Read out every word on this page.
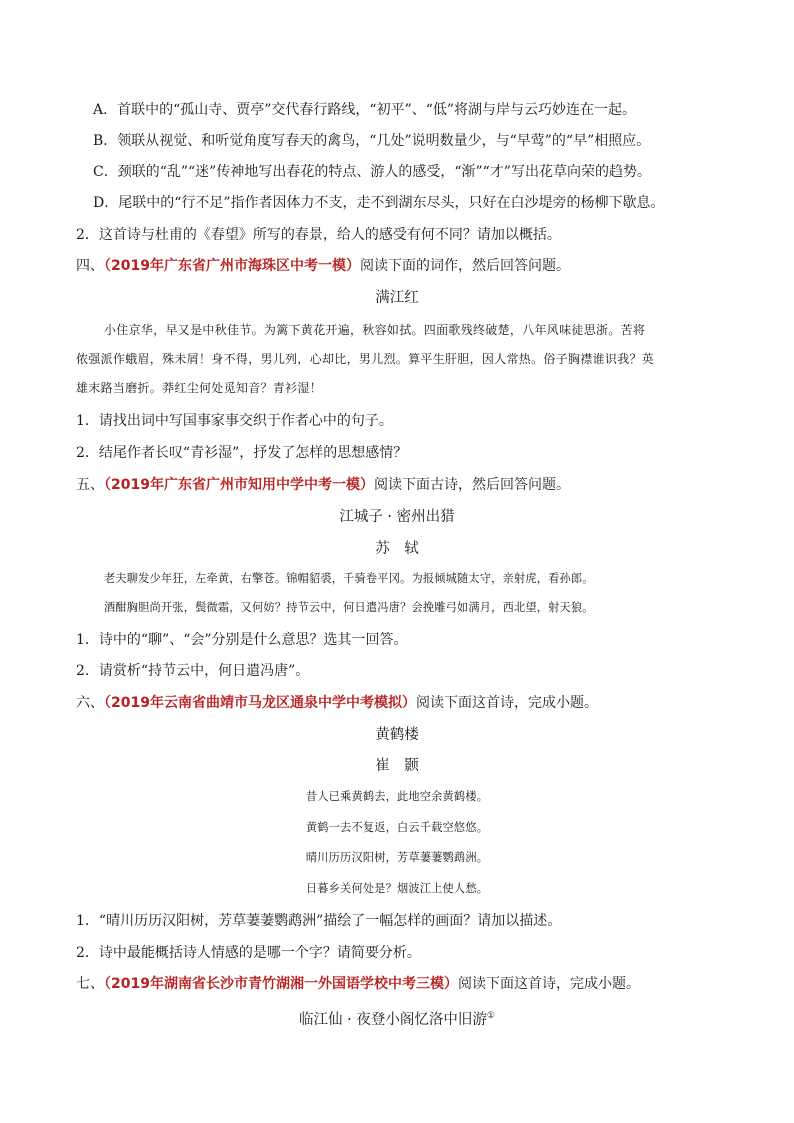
A．首联中的“孤山寺、贾亭”交代春行路线，“初平”、“低”将湖与岸与云巧妙连在一起。
B．领联从视觉、和听觉角度写春天的禽鸟，“几处”说明数量少，与“早莺”的“早”相照应。
C．颈联的“乱”“迷”传神地写出春花的特点、游人的感受，“渐”“才”写出花草向荣的趋势。
D．尾联中的“行不足”指作者因体力不支，走不到湖东尽头，只好在白沙堤旁的杨柳下歇息。
2．这首诗与杜甫的《春望》所写的春景，给人的感受有何不同？请加以概括。
四、（2019年广东省广州市海珠区中考一模）阅读下面的词作，然后回答问题。
满江红
小住京华，早又是中秋佳节。为篱下黄花开遍，秋容如拭。四面歌残终破楚，八年风味徒思浙。苦将
侬强派作蛾眉，殊未屑！身不得，男儿列，心却比，男儿烈。算平生肝胆，因人常热。俗子胸襟谁识我？英
雄末路当磨折。莽红尘何处觅知音？青衫湿！
1．请找出词中写国事家事交织于作者心中的句子。
2．结尾作者长叹“青衫湿”，抒发了怎样的思想感情？
五、（2019年广东省广州市知用中学中考一模）阅读下面古诗，然后回答问题。
江城子 · 密州出猎
苏　轼
老夫聊发少年狂，左牵黄，右擎苍。锦帽貂裘，千骑卷平冈。为报倾城随太守，亲射虎，看孙郎。
酒酣胸胆尚开张，鬓微霜，又何妨？持节云中，何日遣冯唐？会挽雕弓如满月，西北望，射天狼。
1．诗中的“聊”、“会”分别是什么意思？选其一回答。
2．请赏析“持节云中，何日遣冯唐”。
六、（2019年云南省曲靖市马龙区通泉中学中考模拟）阅读下面这首诗，完成小题。
黄鹤楼
崔　颢
昔人已乘黄鹤去，此地空余黄鹤楼。
黄鹤一去不复返，白云千载空悠悠。
晴川历历汉阳树，芳草萋萋鹦鹉洲。
日暮乡关何处是？烟波江上使人愁。
1．“晴川历历汉阳树，芳草萋萋鹦鹉洲”描绘了一幅怎样的画面？请加以描述。
2．诗中最能概括诗人情感的是哪一个字？请简要分析。
七、（2019年湖南省长沙市青竹湖湘一外国语学校中考三模）阅读下面这首诗，完成小题。
临江仙 · 夜登小阁忆洛中旧游①
